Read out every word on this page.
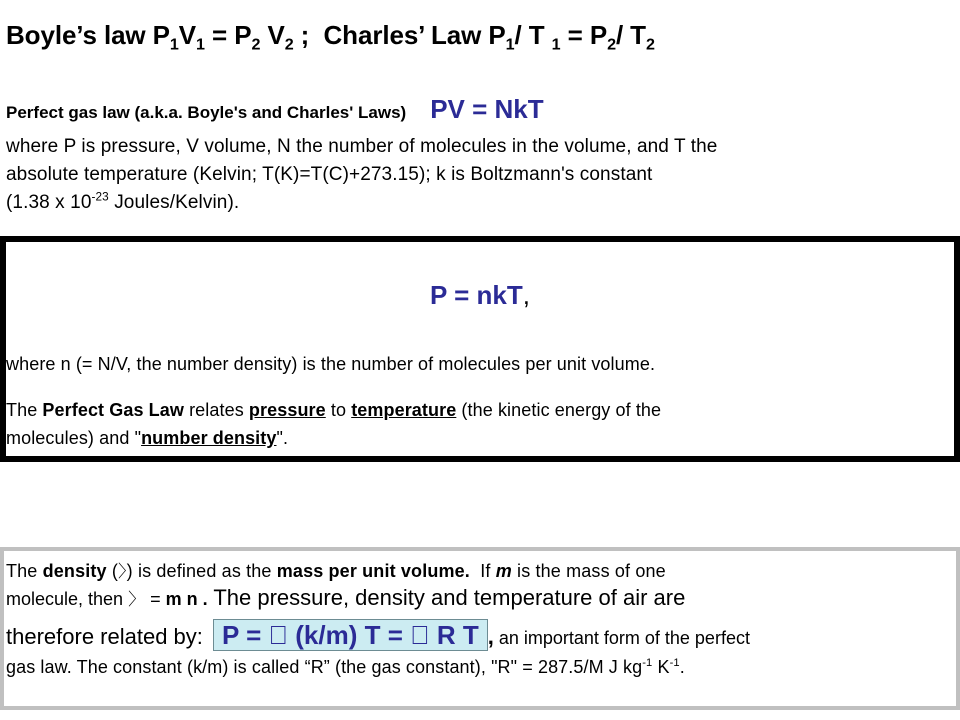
Boyle’s law $P_1V_1 = P_2$ $V_2$ ;  Charles’ Law $P_1/$ T $_1 = P_2/$ $T_2$

Perfect gas law (a.k.a. Boyle's and Charles' Laws) PV = NkT

where P is pressure, V volume, N the number of molecules in the volume, and T the
absolute temperature (Kelvin; T(K)=T(C)+273.15); k is Boltzmann's constant
(1.38 x $10^{-23}$ Joules/Kelvin).
P = nkT,
where n (= N/V, the number density) is the number of molecules per unit volume.
The Perfect Gas Law relates pressure to temperature (the kinetic energy of the
molecules) and "number density".
The density (〉) is defined as the mass per unit volume.  If m is the mass of one
molecule, then 〉 = m n . The pressure, density and temperature of air are
therefore related by: P =   (k/m) T =   R T , an important form of the perfect
gas law. The constant (k/m) is called “R” (the gas constant), "R" = 287.5/M J $kg^{-1}$ $K^{-1}$.
